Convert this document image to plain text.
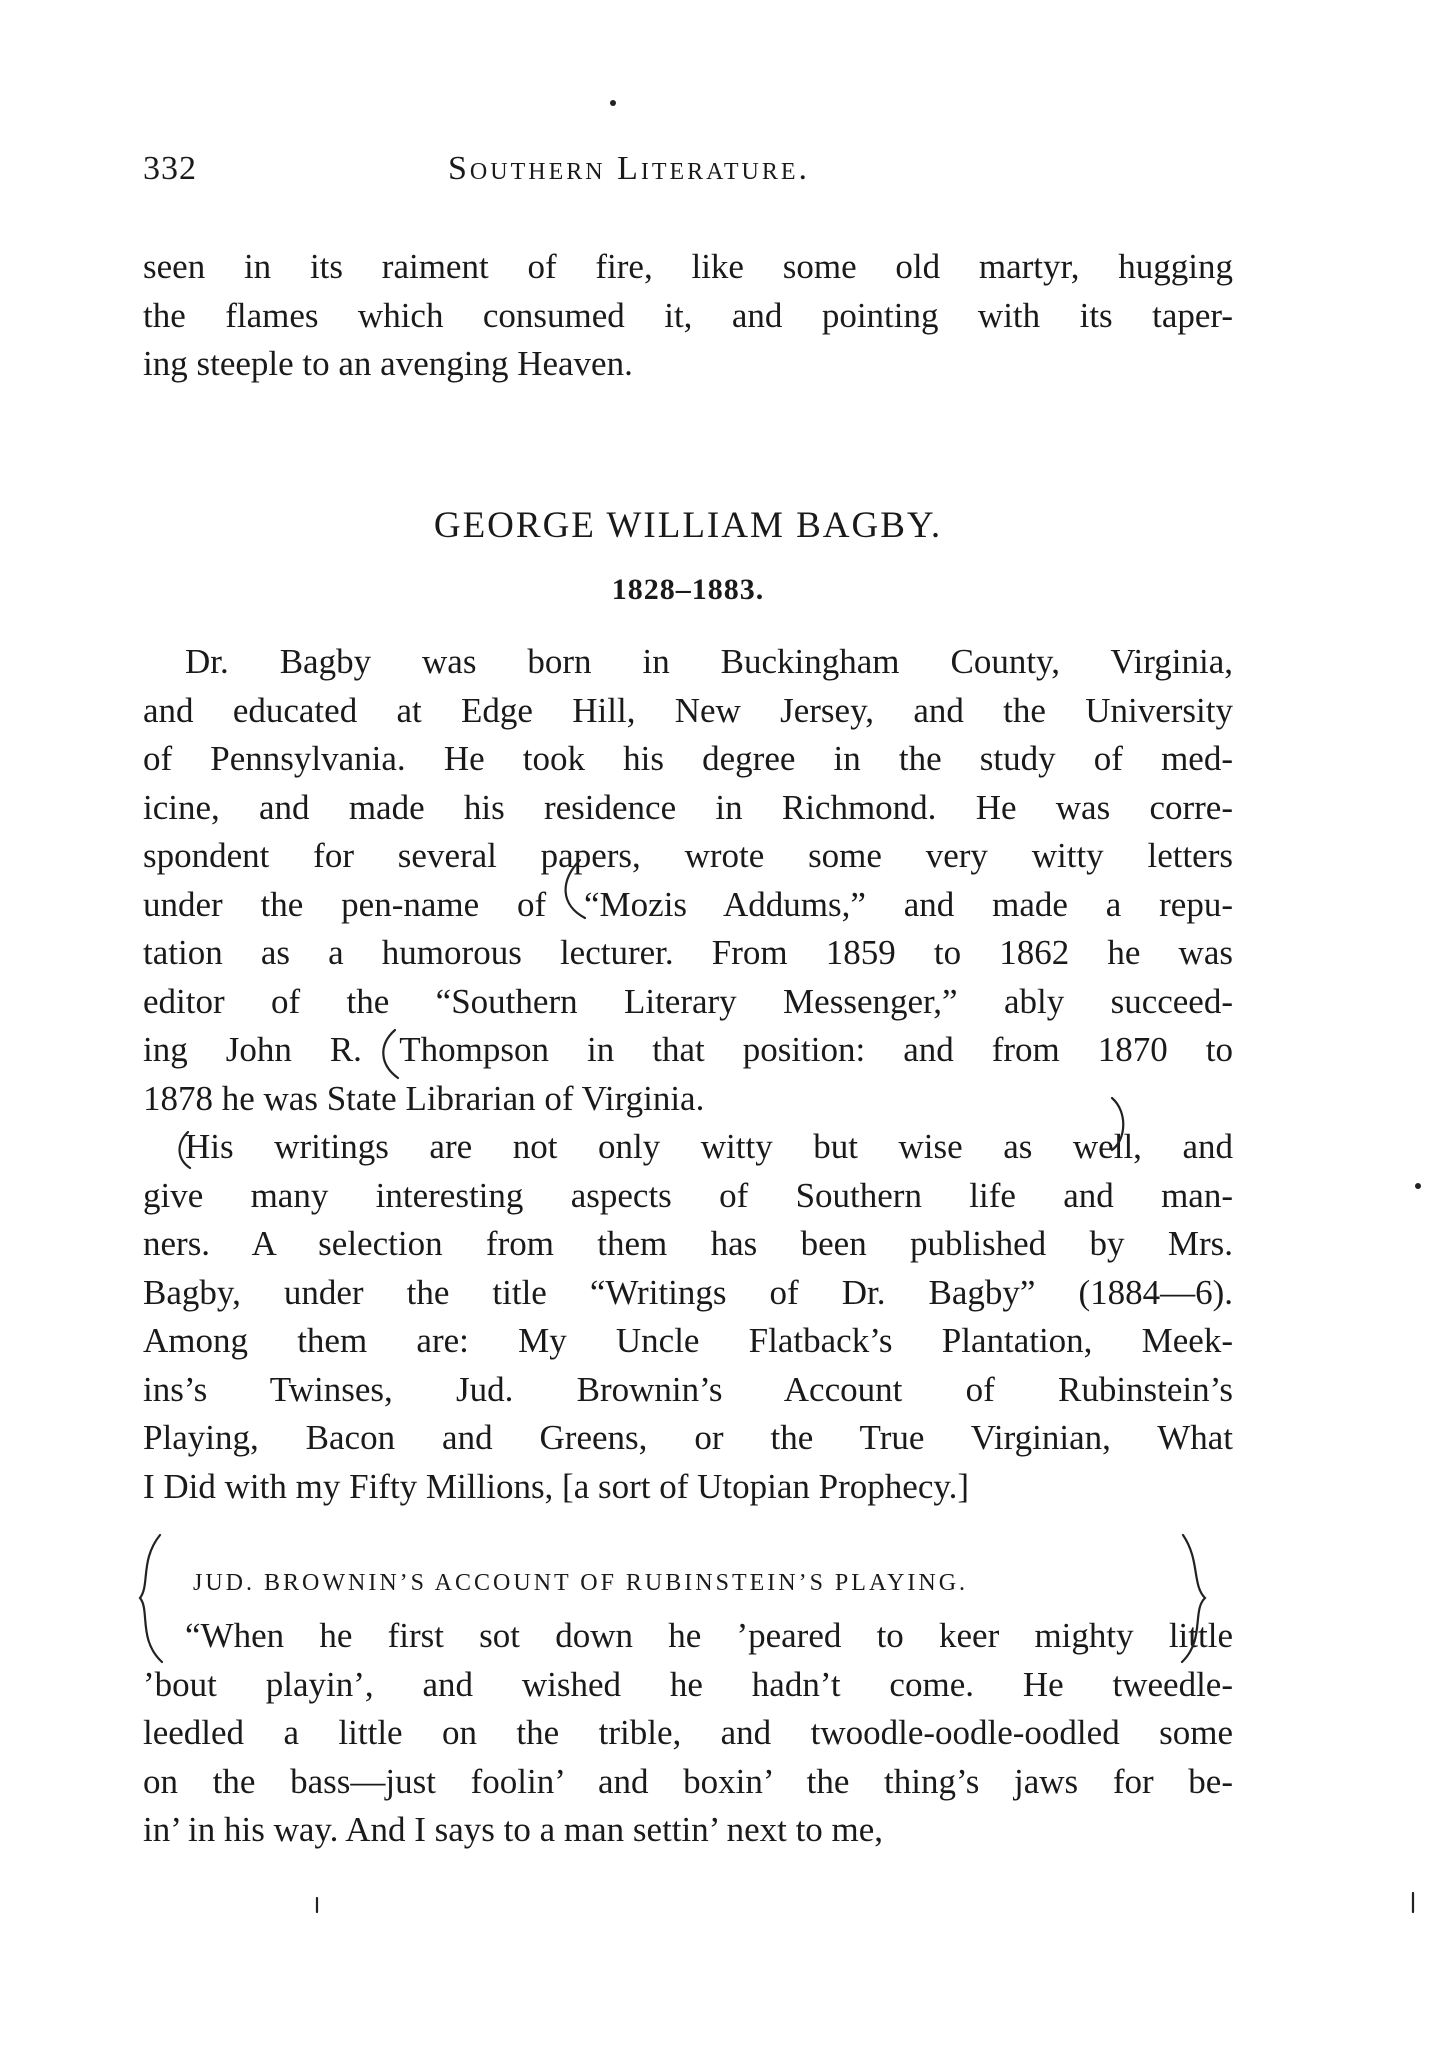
332	Southern Literature.
seen in its raiment of fire, like some old martyr, hugging
the flames which consumed it, and pointing with its taper-
ing steeple to an avenging Heaven.
GEORGE WILLIAM BAGBY.
1828–1883.
Dr. Bagby was born in Buckingham County, Virginia,
and educated at Edge Hill, New Jersey, and the University
of Pennsylvania. He took his degree in the study of med-
icine, and made his residence in Richmond. He was corre-
spondent for several papers, wrote some very witty letters
under the pen-name of “Mozis Addums,” and made a repu-
tation as a humorous lecturer. From 1859 to 1862 he was
editor of the “Southern Literary Messenger,” ably succeed-
ing John R. Thompson in that position: and from 1870 to
1878 he was State Librarian of Virginia.
His writings are not only witty but wise as well, and
give many interesting aspects of Southern life and man-
ners. A selection from them has been published by Mrs.
Bagby, under the title “Writings of Dr. Bagby” (1884—6).
Among them are: My Uncle Flatback’s Plantation, Meek-
ins’s Twinses, Jud. Brownin’s Account of Rubinstein’s
Playing, Bacon and Greens, or the True Virginian, What
I Did with my Fifty Millions, [a sort of Utopian Prophecy.]
JUD. BROWNIN’S ACCOUNT OF RUBINSTEIN’S PLAYING.
“When he first sot down he ’peared to keer mighty little
’bout playin’, and wished he hadn’t come. He tweedle-
leedled a little on the trible, and twoodle-oodle-oodled some
on the bass—just foolin’ and boxin’ the thing’s jaws for be-
in’ in his way. And I says to a man settin’ next to me,
